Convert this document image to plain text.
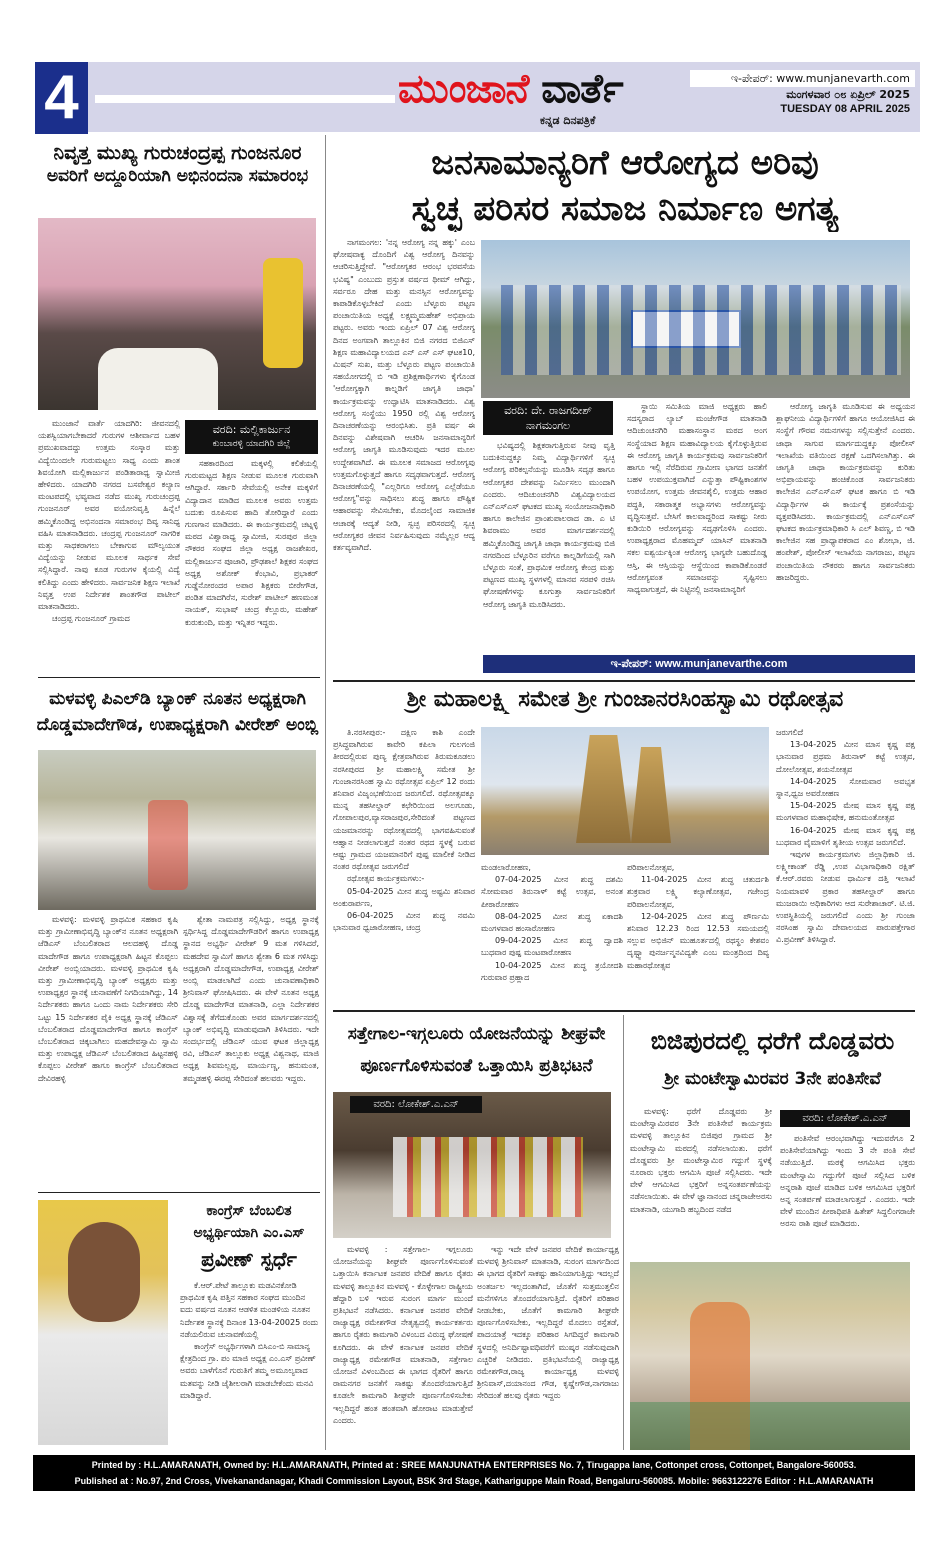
4	ಮುಂಜಾನೆ ವಾರ್ತೆ
ಕನ್ನಡ ದಿನಪತ್ರಿಕೆ
ಇ-ಪೇಪರ್: www.munjanevarth.com
ಮಂಗಳವಾರ ೦೮ ಏಪ್ರಿಲ್ 2025
TUESDAY 08 APRIL 2025
ನಿವೃತ್ತ ಮುಖ್ಯ ಗುರುಚಂದ್ರಪ್ಪ ಗುಂಜನೂರ
ಅವರಿಗೆ ಅದ್ದೂರಿಯಾಗಿ ಅಭಿನಂದನಾ ಸಮಾರಂಭ

ಮುಂಜಾನೆ ವಾರ್ತೆ ಯಾದಗಿರಿ: ಜೀವನದಲ್ಲಿ ಯಶಸ್ವಿಯಾಗಬೇಕಾದರೆ ಗುರುಗಳ ಆಶೀರ್ವಾದ ಬಹಳ ಪ್ರಮುಖವಾದದ್ದು ಉತ್ತಮ ಸಂಸ್ಕಾರ ಮತ್ತು ವಿದ್ಯೆಯಿಂದಲೇ ಗುರುಮಟ್ಟಲು ಸಾಧ್ಯ ಎಂದು ಶಾಂತ ಶಿವಯೋಗಿ ಮಲ್ಲಿಕಾರ್ಜುನ ಪಂಡಿತಾರಾಧ್ಯ ಸ್ವಾಮೀಜಿ ಹೇಳಿದರು. ಯಾದಗಿರಿ ನಗರದ ಬಸವೇಶ್ವರ ಕಲ್ಯಾಣ ಮಂಟಪದಲ್ಲಿ ಭವ್ಯವಾದ ನಡೆದ ಮುಖ್ಯ ಗುರುಚಂದ್ರಪ್ಪ ಗುಂಜನೂರ್ ಅವರ ವಯೋನಿವೃತ್ತಿ ಹಿನ್ನೆಲೆ ಹಮ್ಮಿಕೊಂಡಿದ್ದ ಅಭಿನಂದನಾ ಸಮಾರಂಭ ದಿವ್ಯ ಸಾನಿಧ್ಯ ವಹಿಸಿ ಮಾತನಾಡಿದರು. ಚಂದ್ರಪ್ಪ ಗುಂಜನೂರ್ ನಾಗರಿಕ ಮತ್ತು ಸಾಧಕರಾಗಲು ಬೇಕಾಗುವ ಮೌಲ್ಯಯುತ ವಿದ್ಯೆಯನ್ನು ನೀಡುವ ಮೂಲಕ ಸಾರ್ಥಕ ಸೇವೆ ಸಲ್ಲಿಸಿದ್ದಾರೆ. ನಾವು ಕೂಡ ಗುರುಗಳ ಕೈಯಲ್ಲಿ ವಿದ್ಯೆ ಕಲಿತಿದ್ದು ಎಂದು ಹೇಳಿದರು. ಸಾರ್ವಜನಿಕ ಶಿಕ್ಷಣ ಇಲಾಖೆ ನಿವೃತ್ತ ಉಪ ನಿರ್ದೇಶಕ ಶಾಂತಗೌಡ ಪಾಟೀಲ್ ಮಾತನಾಡಿದರು.

ಚಂದ್ರಪ್ಪ ಗುಂಜನೂರ್ ಗ್ರಾಮದ

ವರದಿ: ಮಲ್ಲಿಕಾರ್ಜುನ
ಕುಂಬಾರಳ್ಳಿ ಯಾದಗಿರಿ ಜಿಲ್ಲೆ

ಸಹಕಾರದಿಂದ ಮಕ್ಕಳಲ್ಲಿ ಕಲಿಕೆಯಲ್ಲಿ ಗುರುಮಟ್ಟದ ಶಿಕ್ಷಣ ನೀಡುವ ಮೂಲಕ ಗುರುವಾಗಿ ಆಗಿದ್ದಾರೆ. ಸರ್ಕಾರಿ ಸೇವೆಯಲ್ಲಿ ಅನೇಕ ಮಕ್ಕಳಿಗೆ ವಿದ್ಯಾದಾನ ಮಾಡಿದ ಮೂಲಕ ಅವರು ಉತ್ತಮ ಬದುಕು ರೂಪಿಸುವ ಹಾದಿ ತೋರಿದ್ದಾರೆ ಎಂದು ಗುಣಗಾನ ಮಾಡಿದರು. ಈ ಕಾರ್ಯಕ್ರಮದಲ್ಲಿ ಚಟ್ನಳ್ಳಿ ಮಠದ ವಿಶ್ವಾರಾಧ್ಯ ಸ್ವಾಮೀಜಿ, ಸುರಪುರ ಜಿಲ್ಲಾ ನೌಕರರ ಸಂಘದ ಜಿಲ್ಲಾ ಅಧ್ಯಕ್ಷ ರಾಜಶೇಖರ, ಮಲ್ಲಿಕಾರ್ಜುನ ಪೂಜಾರಿ, ಪ್ರೌಢಶಾಲೆ ಶಿಕ್ಷಕರ ಸಂಘದ ಅಧ್ಯಕ್ಷ ಅಶೋಕ್ ಕೆಂಭಾವಿ, ಪ್ರಭಾಕರ್ ಗುಡ್ಡೆನೋರಂದರ ಅಪಾರ ಶಿಕ್ಷಕರು ಬೀರೇಗೌಡ, ಪಂಡಿತ ಮಾದಗಿರೆನ, ಸುರೇಶ್ ಪಾಟೀಲ್ ಹಣಮಂತ ನಾಯಕ್, ಸುಭಾಷ್ ಚಂದ್ರ ಕೆಲ್ಲೂರು, ಮಹೇಶ್ ಕುರುಕುಂದಿ, ಮತ್ತು ಇನ್ನಿತರ ಇದ್ದರು.

ಜನಸಾಮಾನ್ಯರಿಗೆ ಆರೋಗ್ಯದ ಅರಿವು
ಸ್ವಚ್ಛ ಪರಿಸರ ಸಮಾಜ ನಿರ್ಮಾಣ ಅಗತ್ಯ

ನಾಗಮಂಗಲ: 'ನನ್ನ ಆರೋಗ್ಯ ನನ್ನ ಹಕ್ಕು' ಎಂಬ ಘೋಷವಾಕ್ಯ ದೊಂದಿಗೆ ವಿಶ್ವ ಆರೋಗ್ಯ ದಿನವನ್ನು ಆಚರಿಸುತ್ತಿದ್ದೇವೆ. "ಆರೋಗ್ಯಕರ ಆರಂಭ ಭರವಸೆಯ ಭವಿಷ್ಯ" ಎಂಬುದು ಪ್ರಸ್ತುತ ವರ್ಷದ ಥೀಮ್ ಆಗಿದ್ದು, ಸರ್ವರೂ ದೇಹ ಮತ್ತು ಮನಸ್ಸಿನ ಆರೋಗ್ಯವನ್ನು ಕಾಪಾಡಿಕೊಳ್ಳಬೇಕಿದೆ ಎಂದು ಬೆಳ್ಳೂರು ಪಟ್ಟಣ ಪಂಚಾಯಿತಿಯ ಅಧ್ಯಕ್ಷೆ ಲಕ್ಷ್ಮಮ್ಮಮಹೇಶ್ ಅಭಿಪ್ರಾಯ ಪಟ್ಟರು. ಅವರು ಇಂದು ಏಪ್ರಿಲ್ 07 ವಿಶ್ವ ಆರೋಗ್ಯ ದಿನದ ಅಂಗವಾಗಿ ತಾಲ್ಲೂಕಿನ ಬಿಜಿ ನಗರದ ಬಿಜಿಎಸ್ ಶಿಕ್ಷಣ ಮಹಾವಿದ್ಯಾಲಯದ ಎನ್ ಎಸ್ ಎಸ್ ಘಟಕ10, ಮಿಷನ್ ಸುಖ, ಮತ್ತು ಬೆಳ್ಳೂರು ಪಟ್ಟಣ ಪಂಚಾಯಿತಿ ಸಹಯೋಗದಲ್ಲಿ ಬಿ ಇಡಿ ಪ್ರಶಿಕ್ಷಣಾರ್ಥಿಗಳು ಕೈಗೊಂಡ 'ಆರೋಗ್ಯಕ್ಕಾಗಿ ಕಾಲ್ನಡಿಗೆ ಜಾಗೃತಿ ಜಾಥಾ' ಕಾರ್ಯಕ್ರಮವನ್ನು ಉದ್ಘಾಟಿಸಿ ಮಾತನಾಡಿದರು. ವಿಶ್ವ ಆರೋಗ್ಯ ಸಂಸ್ಥೆಯು 1950 ರಲ್ಲಿ ವಿಶ್ವ ಆರೋಗ್ಯ ದಿನಾಚರಣೆಯನ್ನು ಆರಂಭಿಸಿತು. ಪ್ರತಿ ವರ್ಷ ಈ ದಿನವನ್ನು ವಿಶೇಷವಾಗಿ ಆಚರಿಸಿ ಜನಸಾಮಾನ್ಯರಿಗೆ ಆರೋಗ್ಯ ಜಾಗೃತಿ ಮೂಡಿಸುವುದು ಇದರ ಮೂಲ ಉದ್ದೇಶವಾಗಿದೆ. ಈ ಮೂಲಕ ಸಮಾಜದ ಆರೋಗ್ಯವು ಉತ್ತಮಗೊಳ್ಳುತ್ತದೆ ಹಾಗೂ ಸದೃಢವಾಗುತ್ತದೆ. ಆರೋಗ್ಯ ದಿನಾಚರಣೆಯಲ್ಲಿ "ಎಲ್ಲರಿಗೂ ಆರೋಗ್ಯ ಎಲ್ಲೆಡೆಯೂ ಆರೋಗ್ಯ"ವನ್ನು ಸಾಧಿಸಲು ಶುದ್ಧ ಹಾಗೂ ಪೌಷ್ಟಿಕ ಆಹಾರವನ್ನು ಸೇವಿಸಬೇಕು, ಮೊದಲೈಂದ ಸಾಮಾಜಿಕ ಆಚಾರಕ್ಕೆ ಆದ್ಯತೆ ನೀಡಿ, ಸ್ವಚ್ಛ ಪರಿಸರದಲ್ಲಿ ಸ್ವಚ್ಛ ಆರೋಗ್ಯಕರ ಜೀವನ ನಿರ್ವಹಿಸುವುದು ನಮ್ಮೆಲ್ಲರ ಆದ್ಯ ಕರ್ತವ್ಯವಾಗಿದೆ.

ವರದಿ: ದೇ. ರಾಜಗದೀಶ್
ನಾಗಮಂಗಲ

ಭವಿಷ್ಯದಲ್ಲಿ ಶಿಕ್ಷಕರಾಗುತ್ತಿರುವ ನೀವು ವೃತ್ತಿ ಬದುಕಿನುದ್ದಕ್ಕೂ ನಿಮ್ಮ ವಿದ್ಯಾರ್ಥಿಗಳಿಗೆ ಸ್ವಚ್ಛ ಆರೋಗ್ಯ ಪರಿಕಲ್ಪನೆಯನ್ನು ಮೂಡಿಸಿ ಸದೃಢ ಹಾಗೂ ಆರೋಗ್ಯಕರ ದೇಶವನ್ನು ನಿರ್ಮಿಸಲು ಮುಂದಾಗಿ ಎಂದರು. ಆದಿಚುಂಚನಗಿರಿ ವಿಶ್ವವಿದ್ಯಾಲಯದ ಎನ್ಎಸ್ಎಸ್ ಘಟಕದ ಮುಖ್ಯ ಸಂಯೋಜನಾಧಿಕಾರಿ ಹಾಗೂ ಕಾಲೇಜಿನ ಪ್ರಾಂಶುಪಾಲರಾದ ಡಾ. ಎ ಟಿ ಶಿವರಾಮು ಅವರ ಮಾರ್ಗದರ್ಶನದಲ್ಲಿ ಹಮ್ಮಿಕೊಂಡಿದ್ದ ಜಾಗೃತಿ ಜಾಥಾ ಕಾರ್ಯಕ್ರಮವು ಬಿಜಿ ನಗರದಿಂದ ಬೆಳ್ಳೂರಿನ ವರೆಗೂ ಕಾಲ್ನಡಿಗೆಯಲ್ಲಿ ಸಾಗಿ ಬೆಳ್ಳೂರು ಸಂತೆ, ಪ್ರಾಥಮಿಕ ಆರೋಗ್ಯ ಕೇಂದ್ರ ಮತ್ತು ಪಟ್ಟಣದ ಮುಖ್ಯ ಸ್ಥಳಗಳಲ್ಲಿ ಮಾನವ ಸರಪಳಿ ರಚಿಸಿ ಘೋಷಣೆಗಳನ್ನು ಕೂಗುತ್ತಾ ಸಾರ್ವಜನಿಕರಿಗೆ ಆರೋಗ್ಯ ಜಾಗೃತಿ ಮೂಡಿಸಿದರು.

ಸ್ಥಾಯಿ ಸಮಿತಿಯ ಮಾಜಿ ಅಧ್ಯಕ್ಷರು ಹಾಲಿ ಸದಸ್ಯರಾದ ಲ್ಯಾಬ್ ಮಂಜೇಗೌಡ ಮಾತನಾಡಿ ಆದಿಚುಂಚನಗಿರಿ ಮಹಾಸಂಸ್ಥಾನ ಮಠದ ಅಂಗ ಸಂಸ್ಥೆಯಾದ ಶಿಕ್ಷಣ ಮಹಾವಿದ್ಯಾಲಯ ಕೈಗೊಳ್ಳುತ್ತಿರುವ ಈ ಆರೋಗ್ಯ ಜಾಗೃತಿ ಕಾರ್ಯಕ್ರಮವು ಸಾರ್ವಜನಿಕರಿಗೆ ಹಾಗೂ ಇಲ್ಲಿ ನೆರೆದಿರುವ ಗ್ರಾಮೀಣ ಭಾಗದ ಜನತೆಗೆ ಬಹಳ ಉಪಯುಕ್ತವಾಗಿದೆ ಎನ್ನುತ್ತಾ ಪೌಷ್ಟಿಕಾಂಶಗಳ ಉಪಯೋಗ, ಉತ್ತಮ ಜೀವನಶೈಲಿ, ಉತ್ತಮ ಆಹಾರ ಪದ್ಧತಿ, ಸಕಾರಾತ್ಮಕ ಅಭ್ಯಾಸಗಳು ಆರೋಗ್ಯವನ್ನು ವೃದ್ಧಿಸುತ್ತವೆ. ಬೇಸಿಗೆ ಕಾಲವಾದ್ದರಿಂದ ಸಾಕಷ್ಟು ನೀರು ಕುಡಿಯಿರಿ ಆರೋಗ್ಯವನ್ನು ಸದೃಢಗೊಳಿಸಿ ಎಂದರು. ಉಪಾಧ್ಯಕ್ಷರಾದ ಮೊಹಮ್ಮದ್ ಯಾಸಿನ್ ಮಾತನಾಡಿ ಸಕಲ ಐಶ್ವರ್ಯಕ್ಕಿಂತ ಆರೋಗ್ಯ ಭಾಗ್ಯವೇ ಬಹುದೊಡ್ಡ ಆಸ್ತಿ, ಈ ಆಸ್ತಿಯನ್ನು ಆಸ್ಥೆಯಿಂದ ಕಾಪಾಡಿಕೊಂಡರೆ ಆರೋಗ್ಯವಂತ ಸಮಾಜವನ್ನು ಸೃಷ್ಟಿಸಲು ಸಾಧ್ಯವಾಗುತ್ತದೆ, ಈ ನಿಟ್ಟಿನಲ್ಲಿ ಜನಸಾಮಾನ್ಯರಿಗೆ

ಆರೋಗ್ಯ ಜಾಗೃತಿ ಮೂಡಿಸುವ ಈ ಅಧ್ಯಯನ ಶ್ಲಾಘನೀಯ ವಿದ್ಯಾರ್ಥಿಗಳಿಗೆ ಹಾಗೂ ಆಯೋಜಿಸಿದ ಈ ಸಂಸ್ಥೆಗೆ ಗೌರವ ನಮನಗಳನ್ನು ಸಲ್ಲಿಸುತ್ತೇನೆ ಎಂದರು. ಜಾಥಾ ಸಾಗುವ ಮಾರ್ಗದುದ್ದಕ್ಕೂ ಪೋಲೀಸ್ ಇಲಾಖೆಯ ವತಿಯಿಂದ ರಕ್ಷಣೆ ಒದಗಿಸಲಾಗಿತ್ತು. ಈ ಜಾಗೃತಿ ಜಾಥಾ ಕಾರ್ಯಕ್ರಮವನ್ನು ಕುರಿತು ಅಭಿಪ್ರಾಯವನ್ನು ಹಂಚಿಕೊಂಡ ಸಾರ್ವಜನಿಕರು ಕಾಲೇಜಿನ ಎನ್ಎಸ್ಎಸ್ ಘಟಕ ಹಾಗೂ ಬಿ ಇಡಿ ವಿದ್ಯಾರ್ಥಿಗಳ ಈ ಕಾರ್ಯಕ್ಕೆ ಪ್ರಶಂಸೆಯನ್ನು ವ್ಯಕ್ತಪಡಿಸಿದರು. ಕಾರ್ಯಕ್ರಮದಲ್ಲಿ ಎನ್ಎಸ್ಎಸ್ ಘಟಕದ ಕಾರ್ಯಕ್ರಮಾಧಿಕಾರಿ ಸಿ ಎಲ್ ಶಿವಣ್ಣ, ಬಿ ಇಡಿ ಕಾಲೇಜಿನ ಸಹ ಪ್ರಾಧ್ಯಾಪಕರಾದ ಎಂ ಶೋಭಾ, ಜಿ. ಹಂಪೇಶ್, ಪೋಲೀಸ್ ಇಲಾಖೆಯ ನಾಗರಾಜು, ಪಟ್ಟಣ ಪಂಚಾಯಿತಿಯ ನೌಕರರು ಹಾಗೂ ಸಾರ್ವಜನಿಕರು ಹಾಜರಿದ್ದರು.

ಇ-ಪೇಪರ್: www.munjanevarthe.com
ಮಳವಳ್ಳಿ ಪಿಎಲ್‌ಡಿ ಬ್ಯಾಂಕ್ ನೂತನ ಅಧ್ಯಕ್ಷರಾಗಿ
ದೊಡ್ಡಮಾದೇಗೌಡ, ಉಪಾಧ್ಯಕ್ಷರಾಗಿ ವೀರೇಶ್ ಅಂಬ್ಲಿ

ಮಳವಳ್ಳಿ: ಮಳವಳ್ಳಿ ಪ್ರಾಥಮಿಕ ಸಹಕಾರ ಕೃಷಿ ಮತ್ತು ಗ್ರಾಮೀಣಾಭಿವೃದ್ಧಿ ಬ್ಯಾಂಕ್‌ನ ನೂತನ ಅಧ್ಯಕ್ಷರಾಗಿ ಜೆಡಿಎಸ್ ಬೆಂಬಲಿತರಾದ ಆಲದಹಳ್ಳಿ ದೊಡ್ಡ ಮಾದೇಗೌಡ ಹಾಗೂ ಉಪಾಧ್ಯಕ್ಷರಾಗಿ ಹಿಟ್ಟನ ಕೊಪ್ಪಲು ವೀರೇಶ್ ಅಂಬ್ಲಿಯಾದರು. ಮಳವಳ್ಳಿ ಪ್ರಾಥಮಿಕ ಕೃಷಿ ಮತ್ತು ಗ್ರಾಮೀಣಾಭಿವೃದ್ಧಿ ಬ್ಯಾಂಕ್ ಅಧ್ಯಕ್ಷರು ಮತ್ತು ಉಪಾಧ್ಯಕ್ಷರ ಸ್ಥಾನಕ್ಕೆ ಚುನಾವಣೆಗೆ ನಿಗದಿಯಾಗಿದ್ದು, 14 ನಿರ್ದೇಶಕರು ಹಾಗೂ ಒಂದು ನಾಮ ನಿರ್ದೇಶಕರು ಸೇರಿ ಒಟ್ಟು 15 ನಿರ್ದೇಶಕರ ಪೈಕಿ ಅಧ್ಯಕ್ಷ ಸ್ಥಾನಕ್ಕೆ ಜೆಡಿಎಸ್ ಬೆಂಬಲಿತರಾದ ದೊಡ್ಡಮಾದೇಗೌಡ ಹಾಗೂ ಕಾಂಗ್ರೆಸ್ ಬೆಂಬಲಿತರಾದ ಚಿಕ್ಕಬಾಗಿಲು ಮಹದೇವಸ್ವಾಮಿ ಸ್ವಾಮಿ ಮತ್ತು ಉಪಾಧ್ಯಕ್ಷ ಜೆಡಿಎಸ್ ಬೆಂಬಲಿತರಾದ ಹಿಟ್ಟನಹಳ್ಳಿ ಕೊಪ್ಪಲು ವೀರೇಶ್ ಹಾಗೂ ಕಾಂಗ್ರೆಸ್ ಬೆಂಬಲಿತರಾದ ದೇವಿರಹಳ್ಳಿ

ಶ್ವೇತಾ ನಾಮಪತ್ರ ಸಲ್ಲಿಸಿದ್ದು, ಅಧ್ಯಕ್ಷ ಸ್ಥಾನಕ್ಕೆ ಸ್ಪರ್ಧಿಸಿದ್ದ ದೊಡ್ಡಮಾದೇಗೌಡರಿಗೆ ಹಾಗೂ ಉಪಾಧ್ಯಕ್ಷ ಸ್ಥಾನದ ಅಭ್ಯರ್ಥಿ ವೀರೇಶ್ 9 ಮತ ಗಳಿಸಿದರೆ, ಮಹದೇವ ಸ್ವಾಮಿಗೆ ಹಾಗೂ ಶ್ವೇತಾ 6 ಮತ ಗಳಿಸಿದ್ದು ಅಧ್ಯಕ್ಷರಾಗಿ ದೊಡ್ಡಮಾದೇಗೌಡ, ಉಪಾಧ್ಯಕ್ಷ ವೀರೇಶ್ ಅಂಬ್ಲಿ ಮಾಡಲಾಗಿದೆ ಎಂದು ಚುನಾವಣಾಧಿಕಾರಿ ಶ್ರೀನಿವಾಸ್ ಘೋಷಿಸಿದರು. ಈ ವೇಳೆ ನೂತನ ಅಧ್ಯಕ್ಷ ದೊಡ್ಡ ಮಾದೇಗೌಡ ಮಾತನಾಡಿ, ಎಲ್ಲಾ ನಿರ್ದೇಶಕರ ವಿಶ್ವಾಸಕ್ಕೆ ತೆಗೆದುಕೊಂಡು ಅವರ ಮಾರ್ಗದರ್ಶನದಲ್ಲಿ ಬ್ಯಾಂಕ್ ಅಭಿವೃದ್ಧಿ ಮಾಡುವುದಾಗಿ ತಿಳಿಸಿದರು. ಇದೇ ಸಂದರ್ಭದಲ್ಲಿ ಜೆಡಿಎಸ್ ಯುವ ಘಟಕ ಜಿಲ್ಲಾಧ್ಯಕ್ಷ ರವಿ, ಜೆಡಿಎಸ್ ತಾಲ್ಲೂಕು ಅಧ್ಯಕ್ಷ ವಿಶ್ವನಾಥ, ಮಾಜಿ ಅಧ್ಯಕ್ಷ ಶಿವಮಲ್ಲಪ್ಪ, ಮಾರ್ಯಣ್ಣ, ಹನುಮಂತ, ತಮ್ಮಡಹಳ್ಳಿ ಈರಪ್ಪ ಸೇರಿದಂತೆ ಹಲವರು ಇದ್ದರು.

ಶ್ರೀ ಮಹಾಲಕ್ಷ್ಮಿ ಸಮೇತ ಶ್ರೀ ಗುಂಜಾನರಸಿಂಹಸ್ವಾಮಿ ರಥೋತ್ಸವ

ತಿ.ನರಸೀಪುರ:- ದಕ್ಷಿಣ ಕಾಶಿ ಎಂದೇ ಪ್ರಸಿದ್ಧವಾಗಿರುವ ಕಾವೇರಿ ಕಪಿಲಾ ಗುಲಗಂಜಿ ತೀರದಲ್ಲಿರುವ ಪುಣ್ಯ ಕ್ಷೇತ್ರವಾಗಿರುವ ತಿರುಮಕೂಡಲು ನರಸೀಪುರದ ಶ್ರೀ ಮಹಾಲಕ್ಷ್ಮಿ ಸಮೇತ ಶ್ರೀ ಗುಂಜಾನರಸಿಂಹ ಸ್ವಾಮಿ ರಥೋತ್ಸವ ಏಪ್ರಿಲ್ 12 ರಂದು ಶನಿವಾರ ವಿಜೃಂಭಣೆಯಿಂದ ಜರುಗಲಿದೆ. ರಥೋತ್ಸವಕ್ಕೂ ಮುನ್ನ ತಹಸೀಲ್ದಾರ್ ಕಛೇರಿಯಿಂದ ಅಲಗೂಡು, ಗೋಪಾಲಪುರ,ವ್ಯಾಸರಾಜಪುರ,ಸೇರಿದಂತೆ ಪಟ್ಟಣದ ಯಜಮಾನರನ್ನು ರಥೋತ್ಸವದಲ್ಲಿ ಭಾಗವಹಿಸುವಂತೆ ಆಹ್ವಾನ ನೀಡಲಾಗುತ್ತದೆ ನಂತರ ರಥದ ಸ್ಥಳಕ್ಕೆ ಬರುವ ಆಷ್ಟು ಗ್ರಾಮದ ಯಜಮಾನರಿಗೆ ಪುಷ್ಪ ಮಾಲೀಕೆ ನೀಡಿದ ನಂತರ ರಥೋತ್ಸವ ಜರುಗಲಿದೆ

ರಥೋತ್ಸವ ಕಾರ್ಯಕ್ರಮಗಳು:-

05-04-2025 ಮೀನ ಶುದ್ಧ ಅಷ್ಟಮಿ ಶನಿವಾರ ಅಂಕುರಾರ್ಪಣ,

06-04-2025 ಮೀನ ಶುದ್ಧ ನವಮಿ ಭಾನುವಾರ ಧ್ವಜಾರೋಹಣ, ಚಂದ್ರ

ಮಂಡಲಾರೋಹಣ,

07-04-2025 ಮೀನ ಶುದ್ಧ ದಶಮಿ ಸೋಮವಾರ ತಿರುನಾಳ್ ಕಟ್ಟೆ ಉತ್ಸವ, ಅನಂತ ಪೀಠಾರೋಹಣ

08-04-2025 ಮೀನ ಶುದ್ಧ ಏಕಾದಶಿ ಮಂಗಳವಾರ ಹಂಸಾರೋಹಣ

09-04-2025 ಮೀನ ಶುದ್ಧ ದ್ವಾದಶಿ ಬುಧವಾರ ಪುಷ್ಪ ಮಂಟಪಾರೋಹಣ

10-04-2025 ಮೀನ ಶುದ್ಧ ತ್ರಯೋದಶಿ ಗುರುವಾರ ಪ್ರಹ್ಲಾದ

ಪರಿಪಾಲನೋತ್ಸವ,

11-04-2025 ಮೀನ ಶುದ್ಧ ಚತುರ್ದಶಿ ಶುಕ್ರವಾರ ಲಕ್ಷ್ಮಿ ಕಲ್ಯಾಣೋತ್ಸವ, ಗಜೇಂದ್ರ ಪರಿಪಾಲನೋತ್ಸವ,

12-04-2025 ಮೀನ ಶುದ್ಧ ಪೌರ್ಣಮಿ ಶನಿವಾರ 12.23 ರಿಂದ 12.53 ಸಮಯದಲ್ಲಿ ಸಲ್ಲುವ ಅಭಿಜಿನ್ ಮುಹೂರ್ತದಲ್ಲಿ ರಥಸ್ಥಂ ಕೇಶವಂ ದೃಷ್ಟ್ವಾ ಪುನರ್ಜನ್ಮನವಿದ್ಯತೇ ಎಂಬ ಮಂತ್ರದಿಂದ ದಿವ್ಯ ಮಹಾರಥೋತ್ಸವ

ಜರುಗಲಿದೆ

13-04-2025 ಮೀನ ಮಾಸ ಕೃಷ್ಣ ಪಕ್ಷ ಭಾನುವಾರ ಪ್ರಥಮ ತಿರುನಾಳ್ ಕಟ್ಟೆ ಉತ್ಸವ, ದೋಲೋತ್ಸವ, ಶಯನೋತ್ಸವ

14-04-2025 ಸೋಮವಾರ ಅವಭೃತ ಸ್ನಾನ,ಧ್ವಜ ಅವರೋಹಣ

15-04-2025 ಮೇಷ ಮಾಸ ಕೃಷ್ಣ ಪಕ್ಷ ಮಂಗಳವಾರ ಮಹಾಭಿಷೇಕ, ಹನುಮಂತೋತ್ಸವ

16-04-2025 ಮೇಷ ಮಾಸ ಕೃಷ್ಣ ಪಕ್ಷ ಬುಧವಾರ ವೈಮಾಳಿಗೆ ತೃತೀಯ ಉತ್ಸವ ಜರುಗಲಿದೆ.

ಇವುಗಳ ಕಾರ್ಯಕ್ರಮಗಳು ಜಿಲ್ಲಾಧಿಕಾರಿ ಜಿ. ಲಕ್ಷ್ಮೀಕಾಂತ್ ರೆಡ್ಡಿ ,ಉಪ ವಿಭಾಗಾಧಿಕಾರಿ ರಕ್ಷಿತ್ ಕೆ.ಆರ್.ರವರು ನೀಡುವ ಧಾರ್ಮಿಕ ದತ್ತಿ ಇಲಾಖೆ ನಿಯಮಾವಳಿ ಪ್ರಕಾರ ತಹಸೀಲ್ದಾರ್ ಹಾಗೂ ಮುಜರಾಯಿ ಅಧಿಕಾರಿಗಳು ಆದ ಸುರೇಶಾಚಾರ್. ಟಿ.ಜಿ. ಉಪಸ್ಥಿತಿಯಲ್ಲಿ ಜರುಗಲಿದೆ ಎಂದು ಶ್ರೀ ಗುಂಜಾ ನರಸಿಂಹ ಸ್ವಾಮಿ ದೇವಾಲಯದ ಪಾರುಪತ್ತೇಗಾರ ವಿ.ಪ್ರವೀಣ್ ತಿಳಿಸಿದ್ದಾರೆ.

ಕಾಂಗ್ರೆಸ್ ಬೆಂಬಲಿತ
ಅಭ್ಯರ್ಥಿಯಾಗಿ ಎಂ.ಎಸ್
ಪ್ರವೀಣ್ ಸ್ಪರ್ಧೆ

ಕೆ.ಆರ್.ಪೇಟೆ ತಾಲ್ಲೂಕು ಮಡವಿನಕೋಡಿ ಪ್ರಾಥಮಿಕ ಕೃಷಿ ಪತ್ತಿನ ಸಹಕಾರ ಸಂಘದ ಮುಂದಿನ ಐದು ವರ್ಷದ ನೂತನ ಆಡಳಿತ ಮಂಡಳಿಯ ನೂತನ ನಿರ್ದೇಶಕ ಸ್ಥಾನಕ್ಕೆ ದಿನಾಂಕ 13-04-20025 ರಂದು ನಡೆಯಲಿರುವ ಚುನಾವಣೆಯಲ್ಲಿ

ಕಾಂಗ್ರೆಸ್ ಅಭ್ಯರ್ಥಿಗಳಾಗಿ ಬಿಸಿಎಂ-ಬಿ ಸಾಮಾನ್ಯ ಕ್ಷೇತ್ರದಿಂದ ಗ್ರಾ. ಪಂ ಮಾಜಿ ಅಧ್ಯಕ್ಷ ಎಂ.ಎಸ್ ಪ್ರವೀಣ್ ಅವರು ಬಾಳೆಗೊನೆ ಗುರುತಿಗೆ ತಮ್ಮ ಅಮೂಲ್ಯವಾದ ಮತವನ್ನು ನೀಡಿ ಜೈಶೀಲರಾಗಿ ಮಾಡಬೇಕೆಂದು ಮನವಿ ಮಾಡಿದ್ದಾರೆ.

ಸತ್ತೇಗಾಲ-ಇಗ್ಗಲೂರು ಯೋಜನೆಯನ್ನು ಶೀಘ್ರವೇ
ಪೂರ್ಣಗೊಳಿಸುವಂತೆ ಒತ್ತಾಯಿಸಿ ಪ್ರತಿಭಟನೆ
ವರದಿ: ಲೋಕೇಶ್.ಎ.ಎನ್

ಮಳವಳ್ಳಿ : ಸತ್ತೇಗಾಲ- ಇಗ್ಗಲೂರು ಯೋಜನೆಯನ್ನು ಶೀಘ್ರವೇ ಪೂರ್ಣಗೊಳಿಸುವಂತೆ ಒತ್ತಾಯಿಸಿ ಕರ್ನಾಟಕ ಜನಪರ ವೇದಿಕೆ ಹಾಗೂ ರೈತರು ಮಳವಳ್ಳಿ ತಾಲ್ಲೂಕಿನ ಮಳವಳ್ಳಿ - ಕೊಳ್ಳೇಗಾಲ ರಾಷ್ಟ್ರೀಯ ಹೆದ್ದಾರಿ ಬಳಿ ಇರುವ ಸುರಂಗ ಮಾರ್ಗ ಮುಂದೆ ಪ್ರತಿಭಟನೆ ನಡೆಸಿದರು. ಕರ್ನಾಟಕ ಜನಪರ ವೇದಿಕೆ ರಾಜ್ಯಾಧ್ಯಕ್ಷ ರಮೇಶಗೌಡ ನೇತೃತ್ವದಲ್ಲಿ ಕಾರ್ಯಕರ್ತರು ಹಾಗೂ ರೈತರು ಕಾಮಗಾರಿ ವಿಳಂಬದ ವಿರುದ್ಧ ಘೋಷಣೆ ಕೂಗಿದರು. ಈ ವೇಳೆ ಕರ್ನಾಟಕ ಜನಪರ ವೇದಿಕೆ ರಾಜ್ಯಾಧ್ಯಕ್ಷ ರಮೇಶಗೌಡ ಮಾತನಾಡಿ, ಸತ್ತೇಗಾಲ ಯೋಜನೆ ವಿಳಂಬದಿಂದ ಈ ಭಾಗದ ರೈತರಿಗೆ ಹಾಗೂ ರಾಮನಗರ ಜನತೆಗೆ ಸಾಕಷ್ಟು ತೊಂದರೆಯಾಗುತ್ತಿದೆ ಕೂಡಲೇ ಕಾಮಗಾರಿ ಶೀಘ್ರವೇ ಪೂರ್ಣಗೊಳಿಸಬೇಕು ಇಲ್ಲದಿದ್ದರೆ ಹಂತ ಹಂತವಾಗಿ ಹೋರಾಟ ಮಾಡುತ್ತೇವೆ ಎಂದರು.

ಇನ್ನು ಇದೇ ವೇಳೆ ಜನಪರ ವೇದಿಕೆ ಕಾರ್ಯಾಧ್ಯಕ್ಷ ಮಳವಳ್ಳಿ ಶ್ರೀನಿವಾಸ್ ಮಾತನಾಡಿ, ಸುರಂಗ ಮಾರ್ಗದಿಂದ ಈ ಭಾಗದ ರೈತರಿಗೆ ಸಾಕಷ್ಟು ಹಾನಿಯಾಗುತ್ತಿದ್ದು ಇದಲ್ಲದೆ ಅಂತರ್ಜಲ ಇಲ್ಲದಂತಾಗಿದೆ, ಜೊತೆಗೆ ಸುತ್ತಮುತ್ತಲಿನ ಮನೆಗಳಿಗೂ ತೊಂದರೆಯಾಗುತ್ತಿದೆ. ರೈತರಿಗೆ ಪರಿಹಾರ ನೀಡಬೇಕು, ಜೊತೆಗೆ ಕಾಮಗಾರಿ ಶೀಘ್ರವೇ ಪೂರ್ಣಗೊಳಿಸಬೇಕು, ಇಲ್ಲದಿದ್ದರೆ ಮೊದಲು ರಸ್ತೆತಡೆ, ಪಾದಯಾತ್ರೆ ಇದಕ್ಕೂ ಪರಿಹಾರ ಸಿಗದಿದ್ದರೆ ಕಾಮಗಾರಿ ಸ್ಥಳದಲ್ಲಿ ಅನಿರ್ದಿಷ್ಟಾವಧಿವರೆಗೆ ಮುಷ್ಕರ ನಡೆಸುವುದಾಗಿ ಎಚ್ಚರಿಕೆ ನೀಡಿದರು. ಪ್ರತಿಭಟನೆಯಲ್ಲಿ ರಾಜ್ಯಾಧ್ಯಕ್ಷ ರಮೇಶಗೌಡ,ರಾಜ್ಯ ಕಾರ್ಯಾಧ್ಯಕ್ಷ ಮಳವಳ್ಳಿ ಶ್ರೀನಿವಾಸ್,ದಯಾನಂದ ಗೌಡ, ಕೃಷ್ಣೇಗೌಡ,ನಾಗರಾಜು ಸೇರಿದಂತೆ ಹಲವು ರೈತರು ಇದ್ದರು

ಬಿಜಿಪುರದಲ್ಲಿ ಧರೆಗೆ ದೊಡ್ಡವರು
ಶ್ರೀ ಮಂಟೇಸ್ವಾಮಿರವರ 3ನೇ ಪಂತಿಸೇವೆ

ಮಳವಳ್ಳಿ: ಧರೆಗೆ ದೊಡ್ಡವರು ಶ್ರೀ ಮಂಟೇಸ್ವಾಮಿರವರ 3ನೇ ಪಂತಿಸೇವೆ ಕಾರ್ಯಕ್ರಮ ಮಳವಳ್ಳಿ ತಾಲ್ಲೂಕಿನ ಬಿಜಿಪುರ ಗ್ರಾಮದ ಶ್ರೀ ಮಂಟೇಸ್ವಾಮಿ ಮಠದಲ್ಲಿ ನಡೆಸಲಾಯಿತು. ಧರೆಗೆ ದೊಡ್ಡವರು ಶ್ರೀ ಮಂಟೇಸ್ವಾಮಿರ ಗದ್ದುಗೆ ಸ್ಥಳಕ್ಕೆ ನೂರಾರು ಭಕ್ತರು ಆಗಮಿಸಿ ಪೂಜೆ ಸಲ್ಲಿಸಿದರು. ಇದೇ ವೇಳೆ ಆಗಮಿಸಿದ ಭಕ್ತರಿಗೆ ಅನ್ನಸಂತರ್ಪಣೆಯನ್ನು ನಡೆಸಲಾಯಿತು. ಈ ವೇಳೆ ಜ್ಞಾನಾನಂದ ಚನ್ನರಾಜೇಅರಸು ಮಾತನಾಡಿ, ಯುಗಾದಿ ಹಬ್ಬದಿಂದ ನಡೆದ

ವರದಿ: ಲೋಕೇಶ್.ಎ.ಎನ್

ಪಂತಿಸೇವೆ ಆರಂಭವಾಗಿದ್ದು ಇದುವರೆಗೂ 2 ಪಂತಿಸೇವೆಯಾಗಿದ್ದು ಇಂದು 3 ನೇ ಪಂತಿ ಸೇವೆ ನಡೆಯುತ್ತಿದೆ. ಮಠಕ್ಕೆ ಆಗಮಿಸಿದ ಭಕ್ತರು ಮಂಟೇಸ್ವಾಮಿ ಗದ್ದುಗೆಗೆ ಪೂಜೆ ಸಲ್ಲಿಸಿದ ಬಳಿಕ ಅನ್ನರಾಶಿ ಪೂಜೆ ಮಾಡಿದ ಬಳಿಕ ಆಗಮಿಸಿದ ಭಕ್ತರಿಗೆ ಅನ್ನ ಸಂತರ್ಪಣೆ ಮಾಡಲಾಗುತ್ತದೆ . ಎಂದರು. ಇದೇ ವೇಳೆ ಮುಂದಿನ ಪೀಠಾಧಿಪತಿ ಹಿತೇಶ್ ಸಿದ್ದಲಿಂಗರಾಜೇ ಅರಸು ರಾಶಿ ಪೂಜೆ ಮಾಡಿದರು.

Printed by : H.L.AMARANATH, Owned by: H.L.AMARANATH, Printed at : SREE MANJUNATHA ENTERPRISES No. 7, Tirugappa lane, Cottonpet cross, Cottonpet, Bangalore-560053.
Published at : No.97, 2nd Cross, Vivekanandanagar, Khadi Commission Layout, BSK 3rd Stage, Kathariguppe Main Road, Bengaluru-560085. Mobile: 9663122276 Editor : H.L.AMARANATH
